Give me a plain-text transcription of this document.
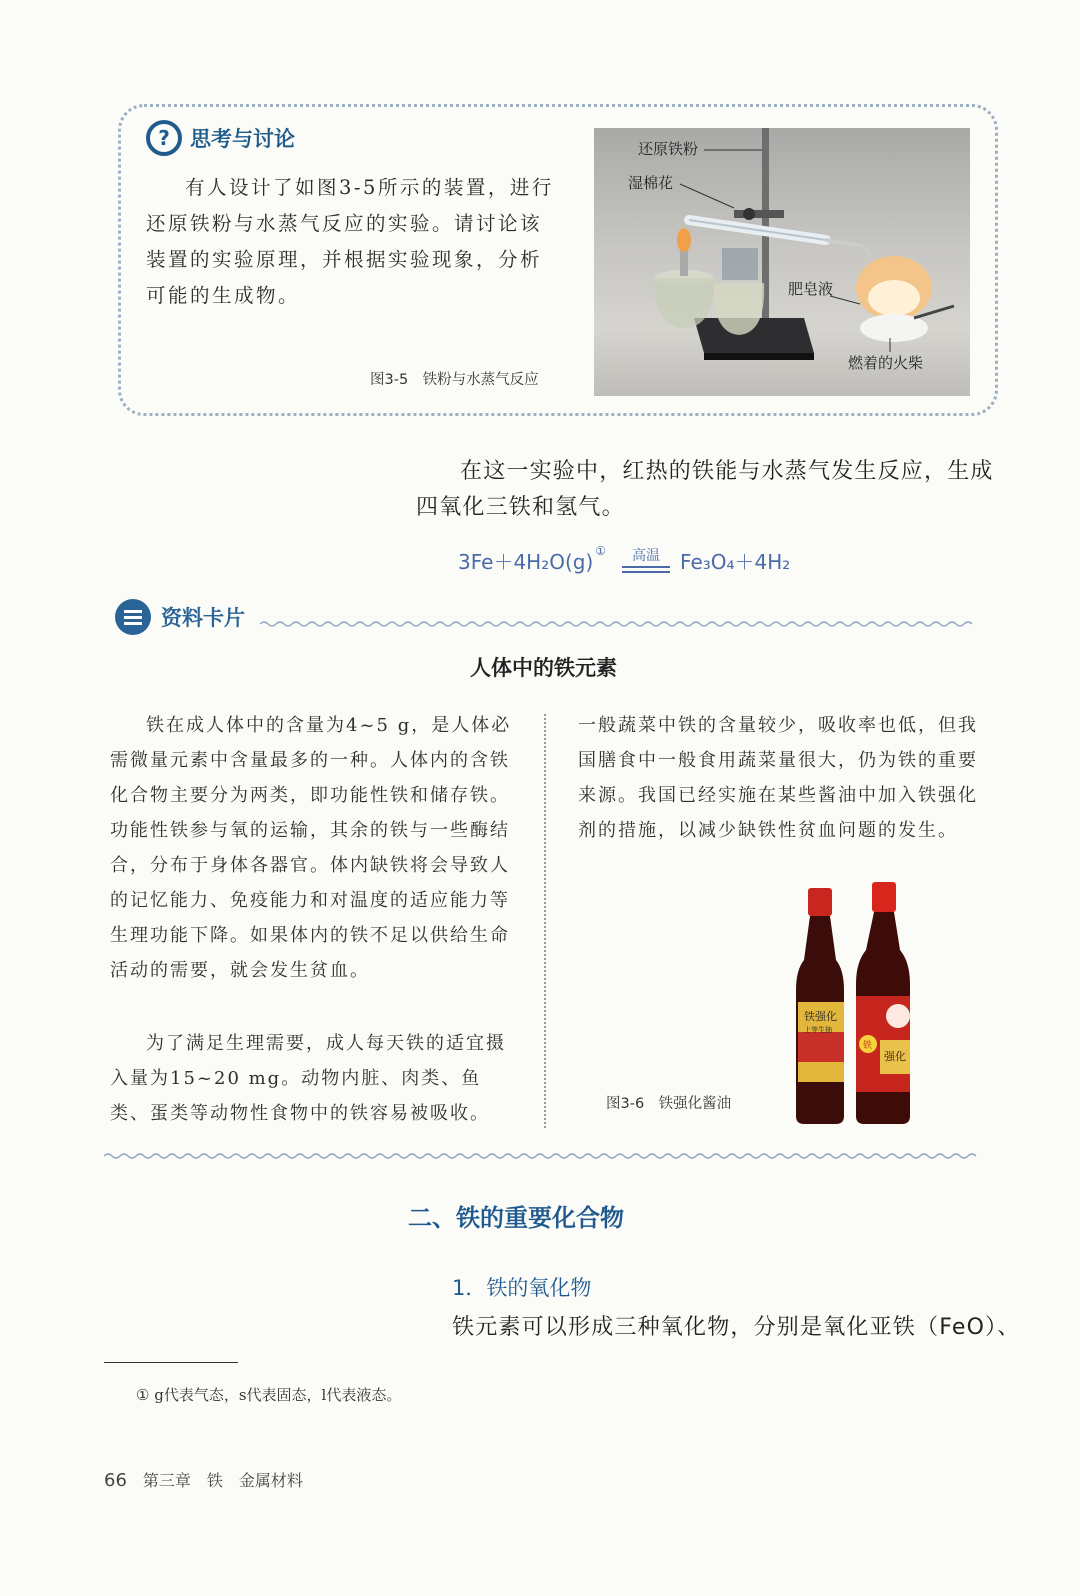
? 思考与讨论
有人设计了如图3-5所示的装置，进行还原铁粉与水蒸气反应的实验。请讨论该装置的实验原理，并根据实验现象，分析可能的生成物。
还原铁粉
湿棉花
肥皂液
燃着的火柴
图3-5　铁粉与水蒸气反应
在这一实验中，红热的铁能与水蒸气发生反应，生成
四氧化三铁和氢气。
3Fe＋4H₂O(g) ① 高温 Fe₃O₄＋4H₂
资料卡片
人体中的铁元素
铁在成人体中的含量为4~5 g，是人体必需微量元素中含量最多的一种。人体内的含铁化合物主要分为两类，即功能性铁和储存铁。功能性铁参与氧的运输，其余的铁与一些酶结合，分布于身体各器官。体内缺铁将会导致人的记忆能力、免疫能力和对温度的适应能力等生理功能下降。如果体内的铁不足以供给生命活动的需要，就会发生贫血。
为了满足生理需要，成人每天铁的适宜摄入量为15~20 mg。动物内脏、肉类、鱼类、蛋类等动物性食物中的铁容易被吸收。
一般蔬菜中铁的含量较少，吸收率也低，但我国膳食中一般食用蔬菜量很大，仍为铁的重要来源。我国已经实施在某些酱油中加入铁强化剂的措施，以减少缺铁性贫血问题的发生。
铁强化
上等生抽
铁
强化
图3-6　铁强化酱油
二、铁的重要化合物
1．铁的氧化物
铁元素可以形成三种氧化物，分别是氧化亚铁（FeO）、
① g代表气态，s代表固态，l代表液态。
66 第三章　铁　金属材料
